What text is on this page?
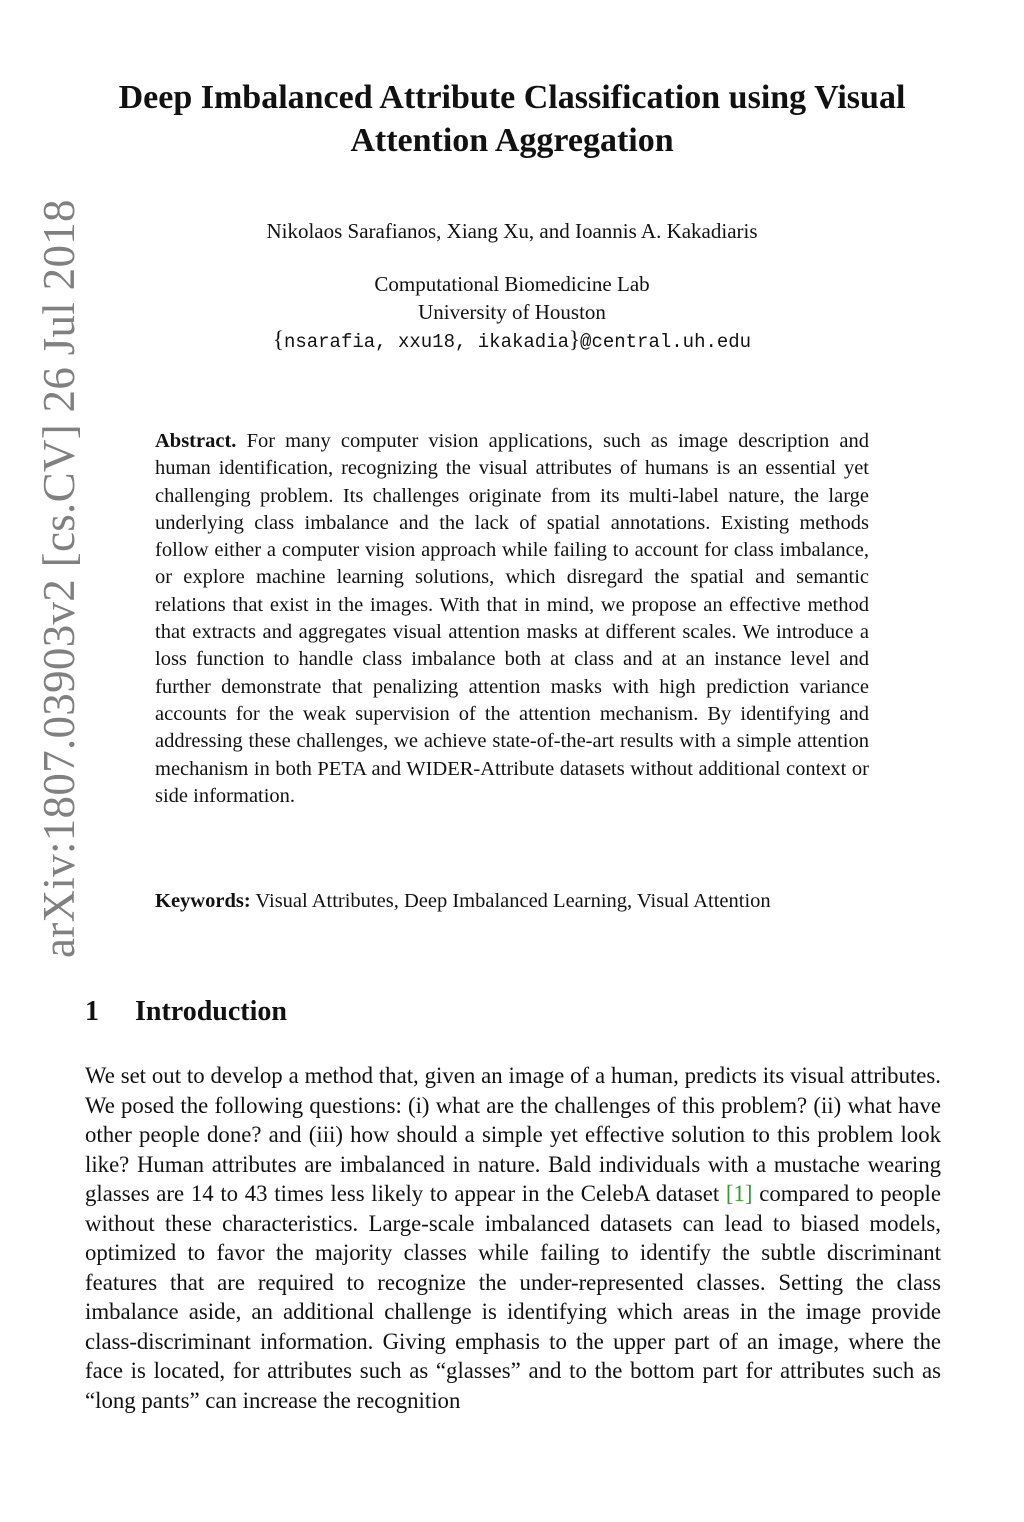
arXiv:1807.03903v2 [cs.CV] 26 Jul 2018
Deep Imbalanced Attribute Classification using Visual Attention Aggregation
Nikolaos Sarafianos, Xiang Xu, and Ioannis A. Kakadiaris
Computational Biomedicine Lab
University of Houston
{nsarafia, xxu18, ikakadia}@central.uh.edu

Abstract. For many computer vision applications, such as image description and human identification, recognizing the visual attributes of humans is an essential yet challenging problem. Its challenges originate from its multi-label nature, the large underlying class imbalance and the lack of spatial annotations. Existing methods follow either a computer vision approach while failing to account for class imbalance, or explore machine learning solutions, which disregard the spatial and semantic relations that exist in the images. With that in mind, we propose an effective method that extracts and aggregates visual attention masks at different scales. We introduce a loss function to handle class imbalance both at class and at an instance level and further demonstrate that penalizing attention masks with high prediction variance accounts for the weak supervision of the attention mechanism. By identifying and addressing these challenges, we achieve state-of-the-art results with a simple attention mechanism in both PETA and WIDER-Attribute datasets without additional context or side information.

Keywords: Visual Attributes, Deep Imbalanced Learning, Visual Attention

1 Introduction

We set out to develop a method that, given an image of a human, predicts its visual attributes. We posed the following questions: (i) what are the challenges of this problem? (ii) what have other people done? and (iii) how should a simple yet effective solution to this problem look like? Human attributes are imbalanced in nature. Bald individuals with a mustache wearing glasses are 14 to 43 times less likely to appear in the CelebA dataset [1] compared to people without these characteristics. Large-scale imbalanced datasets can lead to biased models, optimized to favor the majority classes while failing to identify the subtle discriminant features that are required to recognize the under-represented classes. Setting the class imbalance aside, an additional challenge is identifying which areas in the image provide class-discriminant information. Giving emphasis to the upper part of an image, where the face is located, for attributes such as “glasses” and to the bottom part for attributes such as “long pants” can increase the recognition
